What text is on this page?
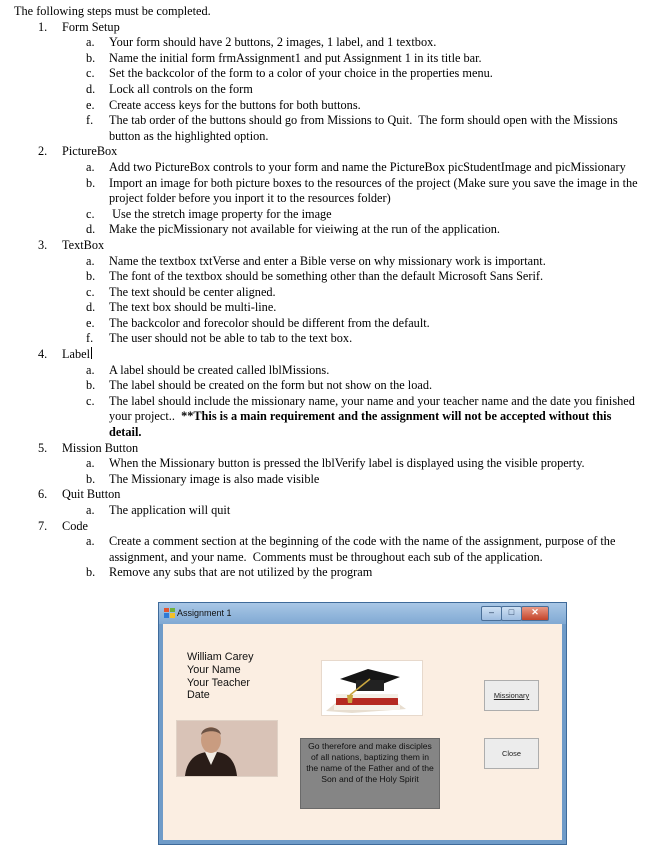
The following steps must be completed.

1. Form Setup
a. Your form should have 2 buttons, 2 images, 1 label, and 1 textbox.
b. Name the initial form frmAssignment1 and put Assignment 1 in its title bar.
c. Set the backcolor of the form to a color of your choice in the properties menu.
d. Lock all controls on the form
e. Create access keys for the buttons for both buttons.
f. The tab order of the buttons should go from Missions to Quit.  The form should open with the Missions button as the highlighted option.
2. PictureBox
a. Add two PictureBox controls to your form and name the PictureBox picStudentImage and picMissionary
b. Import an image for both picture boxes to the resources of the project (Make sure you save the image in the project folder before you inport it to the resources folder)
c. Use the stretch image property for the image
d. Make the picMissionary not available for vieiwing at the run of the application.
3. TextBox
a. Name the textbox txtVerse and enter a Bible verse on why missionary work is important.
b. The font of the textbox should be something other than the default Microsoft Sans Serif.
c. The text should be center aligned.
d. The text box should be multi-line.
e. The backcolor and forecolor should be different from the default.
f. The user should not be able to tab to the text box.
4. Label
a. A label should be created called lblMissions.
b. The label should be created on the form but not show on the load.
c. The label should include the missionary name, your name and your teacher name and the date you finished your project..  **This is a main requirement and the assignment will not be accepted without this detail.
5. Mission Button
a. When the Missionary button is pressed the lblVerify label is displayed using the visible property.
b. The Missionary image is also made visible
6. Quit Button
a. The application will quit
7. Code
a. Create a comment section at the beginning of the code with the name of the assignment, purpose of the assignment, and your name.  Comments must be throughout each sub of the application.
b. Remove any subs that are not utilized by the program
Assignment 1	–	□	✕
William Carey
Your Name
Your Teacher
Date
Go therefore and make disciples of all nations, baptizing them in the name of the Father and of the Son and of the Holy Spirit
Missionary
Close
